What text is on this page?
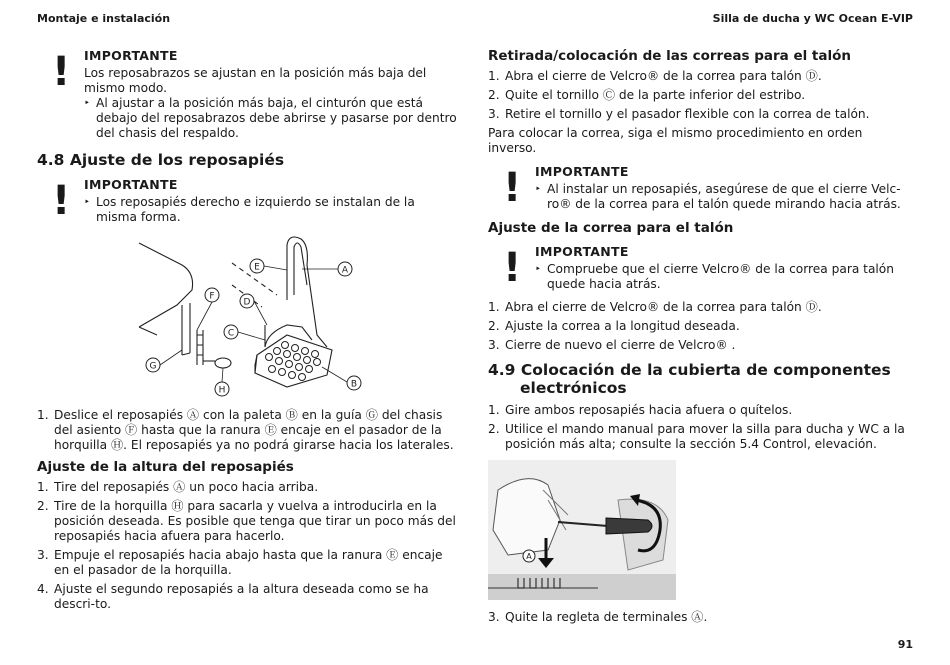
Montaje e instalación	Silla de ducha y WC Ocean E-VIP
! IMPORTANTE
Los reposabrazos se ajustan en la posición más baja del mismo modo.
‣ Al ajustar a la posición más baja, el cinturón que está debajo del reposabrazos debe abrirse y pasarse por dentro del chasis del respaldo.
4.8 Ajuste de los reposapiés
! IMPORTANTE
‣ Los reposapiés derecho e izquierdo se instalan de la misma forma.
A
B
C
D
E
F
G
H
1. Deslice el reposapiés Ⓐ con la paleta Ⓑ en la guía Ⓖ del chasis del asiento Ⓕ hasta que la ranura Ⓔ encaje en el pasador de la horquilla Ⓗ. El reposapiés ya no podrá girarse hacia los laterales.
Ajuste de la altura del reposapiés
1. Tire del reposapiés Ⓐ un poco hacia arriba.
2. Tire de la horquilla Ⓗ para sacarla y vuelva a introducirla en la posición deseada. Es posible que tenga que tirar un poco más del reposapiés hacia afuera para hacerlo.
3. Empuje el reposapiés hacia abajo hasta que la ranura Ⓔ encaje en el pasador de la horquilla.
4. Ajuste el segundo reposapiés a la altura deseada como se ha descri-to.
Retirada/colocación de las correas para el talón
1. Abra el cierre de Velcro® de la correa para talón Ⓓ.
2. Quite el tornillo Ⓒ de la parte inferior del estribo.
3. Retire el tornillo y el pasador flexible con la correa de talón.
Para colocar la correa, siga el mismo procedimiento en orden inverso.
! IMPORTANTE
‣ Al instalar un reposapiés, asegúrese de que el cierre Velc-ro® de la correa para el talón quede mirando hacia atrás.
Ajuste de la correa para el talón
! IMPORTANTE
‣ Compruebe que el cierre Velcro® de la correa para talón quede hacia atrás.
1. Abra el cierre de Velcro® de la correa para talón Ⓓ.
2. Ajuste la correa a la longitud deseada.
3. Cierre de nuevo el cierre de Velcro® .
4.9 Colocación de la cubierta de componentes electrónicos
1. Gire ambos reposapiés hacia afuera o quítelos.
2. Utilice el mando manual para mover la silla para ducha y WC a la posición más alta; consulte la sección 5.4 Control, elevación.
A
3. Quite la regleta de terminales Ⓐ.
91
